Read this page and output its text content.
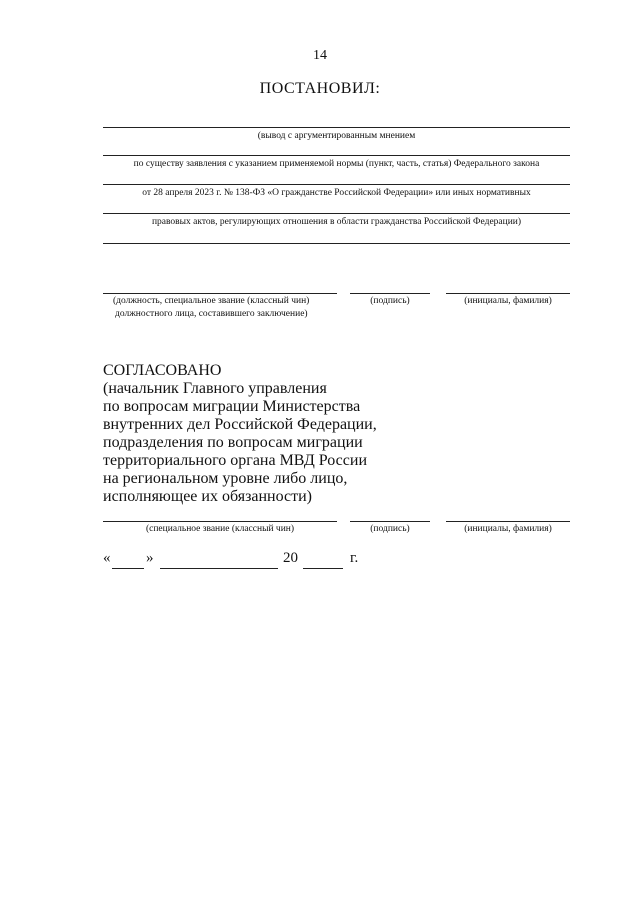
14
ПОСТАНОВИЛ:
(вывод с аргументированным мнением
по существу заявления с указанием применяемой нормы (пункт, часть, статья) Федерального закона
от 28 апреля 2023 г. № 138-ФЗ «О гражданстве Российской Федерации» или иных нормативных
правовых актов, регулирующих отношения в области гражданства Российской Федерации)
(должность, специальное звание (классный чин)
должностного лица, составившего заключение)
(подпись)	(инициалы, фамилия)
СОГЛАСОВАНО
(начальник Главного управления
по вопросам миграции Министерства
внутренних дел Российской Федерации,
подразделения по вопросам миграции
территориального органа МВД России
на региональном уровне либо лицо,
исполняющее их обязанности)
(специальное звание (классный чин)	(подпись)	(инициалы, фамилия)
« »	20	г.
